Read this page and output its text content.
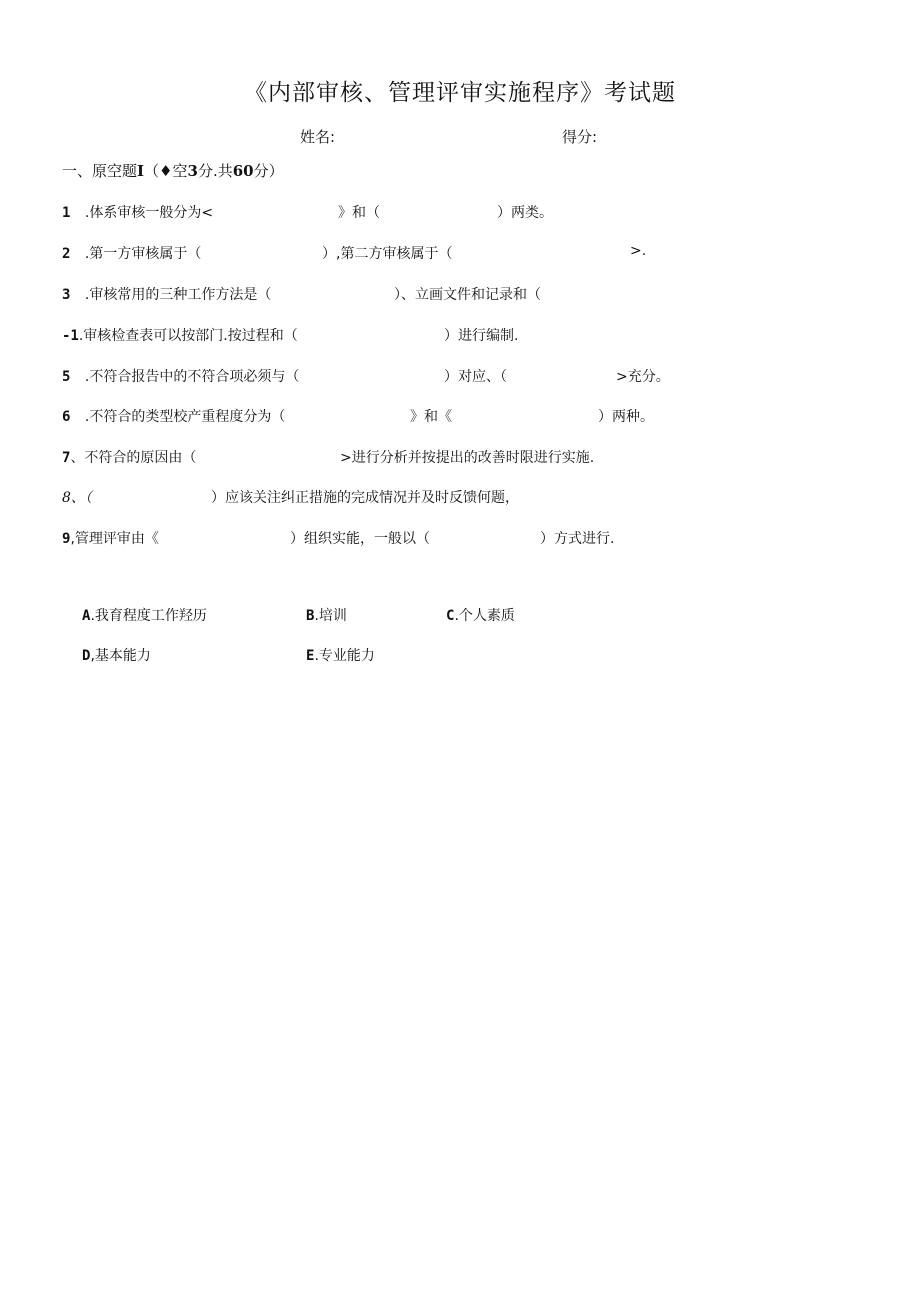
《内部审核、管理评审实施程序》考试题
姓名:	得分:
一、原空题I（♦空3分.共60分）
1 .体系审核一般分为<	》和（	）两类。
2 .第一方审核属于（	）,第二方审核属于（	>.
3 .审核常用的三种工作方法是（	）、立画文件和记录和（
-1.审核检查表可以按部门.按过程和（	）进行编制.
5 .不符合报告中的不符合项必须与（	）对应、（	>充分。
6 .不符合的类型校产重程度分为（	》和《	）两种。
7、不符合的原因由（	>进行分析并按提出的改善时限进行实施.
8、（	）应该关注纠正措施的完成情况并及时反馈何题，
9,管理评审由《	）组织实能，一般以（	）方式进行.
A.我育程度工作羟历	B.培训	C.个人素质
D,基本能力	E.专业能力
